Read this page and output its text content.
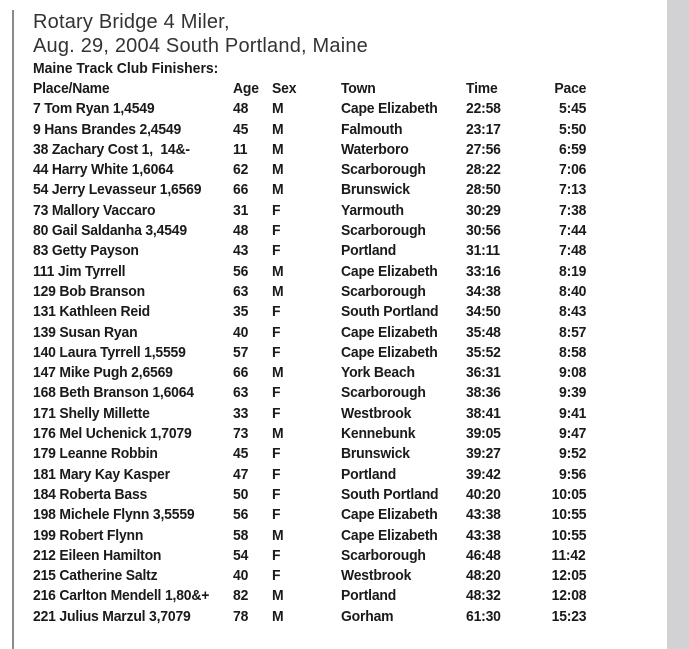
Rotary Bridge 4 Miler,
Aug. 29, 2004 South Portland, Maine
Maine Track Club Finishers:
Place/Name	Age Sex	Town	Time	Pace
7 Tom Ryan 1,4549	48	M	Cape Elizabeth	22:58	5:45
9 Hans Brandes 2,4549	45	M	Falmouth	23:17	5:50
38 Zachary Cost 1,  14&-	11	M	Waterboro	27:56	6:59
44 Harry White 1,6064	62	M	Scarborough	28:22	7:06
54 Jerry Levasseur 1,6569	66	M	Brunswick	28:50	7:13
73 Mallory Vaccaro	31	F	Yarmouth	30:29	7:38
80 Gail Saldanha 3,4549	48	F	Scarborough	30:56	7:44
83 Getty Payson	43	F	Portland	31:11	7:48
111 Jim Tyrrell	56	M	Cape Elizabeth	33:16	8:19
129 Bob Branson	63	M	Scarborough	34:38	8:40
131 Kathleen Reid	35	F	South Portland	34:50	8:43
139 Susan Ryan	40	F	Cape Elizabeth	35:48	8:57
140 Laura Tyrrell 1,5559	57	F	Cape Elizabeth	35:52	8:58
147 Mike Pugh 2,6569	66	M	York Beach	36:31	9:08
168 Beth Branson 1,6064	63	F	Scarborough	38:36	9:39
171 Shelly Millette	33	F	Westbrook	38:41	9:41
176 Mel Uchenick 1,7079	73	M	Kennebunk	39:05	9:47
179 Leanne Robbin	45	F	Brunswick	39:27	9:52
181 Mary Kay Kasper	47	F	Portland	39:42	9:56
184 Roberta Bass	50	F	South Portland	40:20	10:05
198 Michele Flynn 3,5559	56	F	Cape Elizabeth	43:38	10:55
199 Robert Flynn	58	M	Cape Elizabeth	43:38	10:55
212 Eileen Hamilton	54	F	Scarborough	46:48	11:42
215 Catherine Saltz	40	F	Westbrook	48:20	12:05
216 Carlton Mendell 1,80&+	82	M	Portland	48:32	12:08
221 Julius Marzul 3,7079	78	M	Gorham	61:30	15:23
